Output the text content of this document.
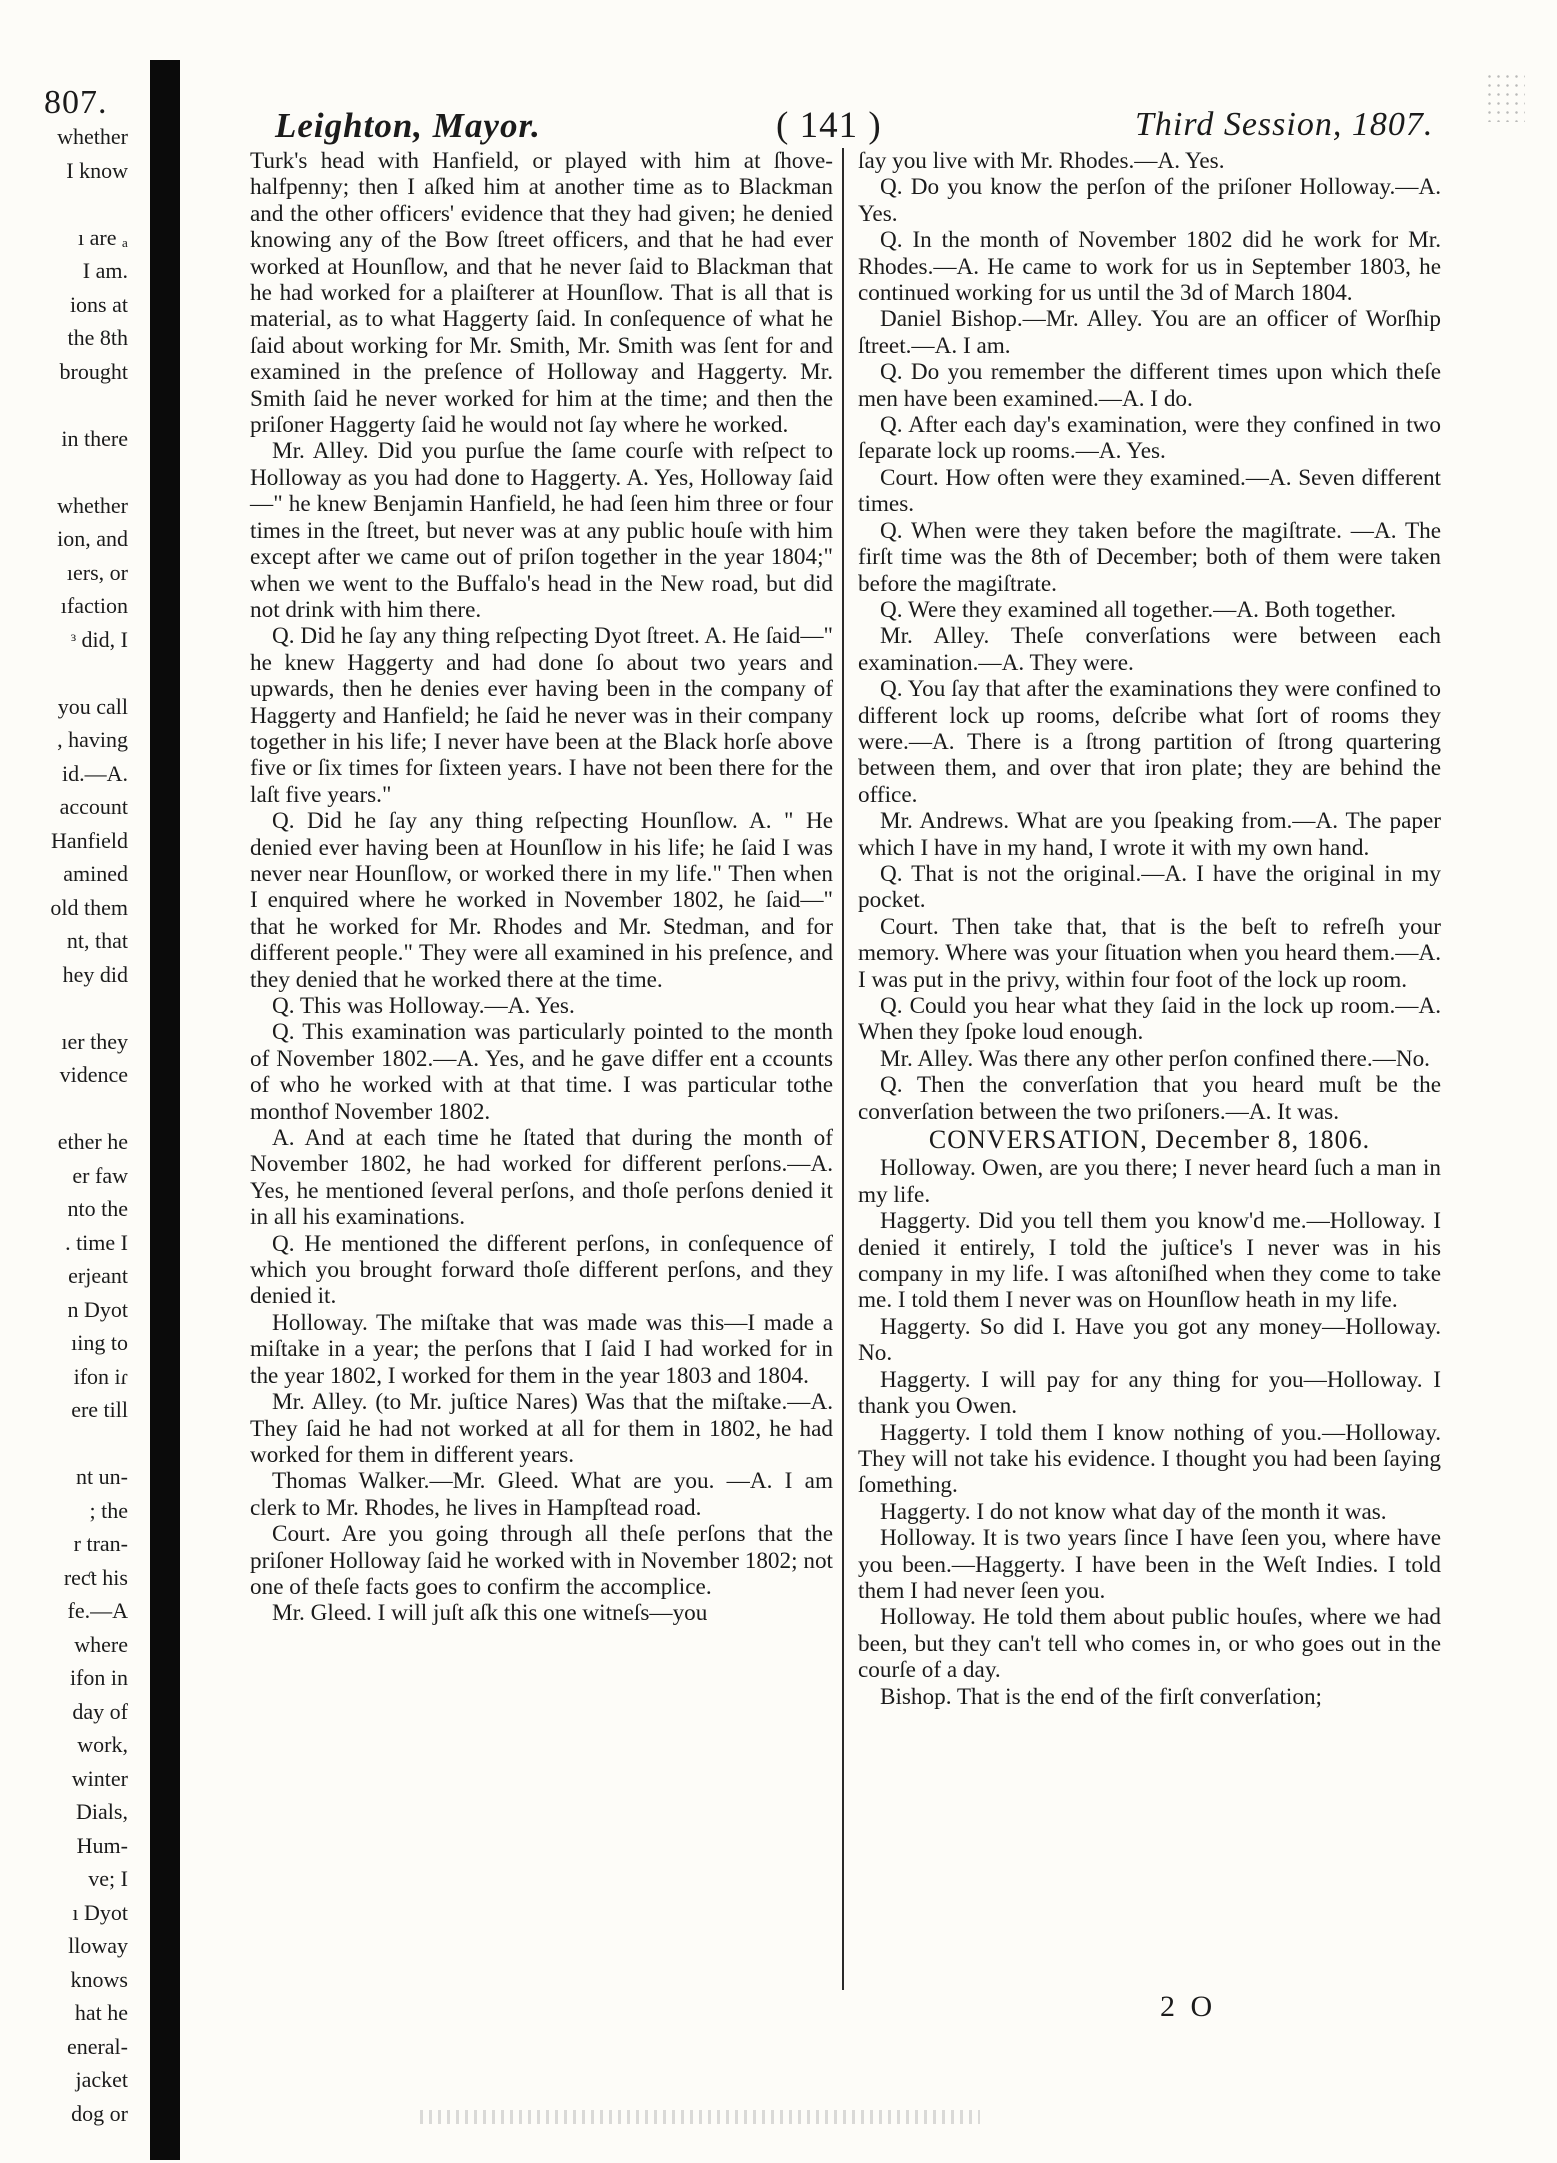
Leighton, Mayor.	( 141 )	Third Session, 1807.
807.
whether
I know
ı are ₐ
I am.
ions at
the 8th
brought
in there
whether
ion, and
ıers, or
ıfaction
ᵌ did, I
you call
, having
id.—A.
account
Hanfield
amined
old them
nt, that
hey did
ıer they
vidence
ether he
er faw
nto the
. time I
erjeant
n Dyot
ıing to
ifon iɾ
ere till
nt un-
; the
r tran-
reƈt his
fe.—A
where
ifon in
day of
work,
winter
Dials,
Hum-
ve; I
ı Dyot
lloway
knows
hat he
eneral-
jacket
dog or

Turk's head with Hanfield, or played with him at ſhove-halfpenny; then I aſked him at another time as to Blackman and the other officers' evidence that they had given; he denied knowing any of the Bow ſtreet officers, and that he had ever worked at Hounſlow, and that he never ſaid to Blackman that he had worked for a plaiſterer at Hounſlow. That is all that is material, as to what Haggerty ſaid. In conſequence of what he ſaid about working for Mr. Smith, Mr. Smith was ſent for and examined in the preſence of Holloway and Haggerty. Mr. Smith ſaid he never worked for him at the time; and then the priſoner Haggerty ſaid he would not ſay where he worked.

Mr. Alley. Did you purſue the ſame courſe with reſpect to Holloway as you had done to Haggerty. A. Yes, Holloway ſaid—" he knew Benjamin Hanfield, he had ſeen him three or four times in the ſtreet, but never was at any public houſe with him except after we came out of priſon together in the year 1804;" when we went to the Buffalo's head in the New road, but did not drink with him there.

Q. Did he ſay any thing reſpecting Dyot ſtreet. A. He ſaid—" he knew Haggerty and had done ſo about two years and upwards, then he denies ever having been in the company of Haggerty and Hanfield; he ſaid he never was in their company together in his life; I never have been at the Black horſe above five or ſix times for ſixteen years. I have not been there for the laſt five years."

Q. Did he ſay any thing reſpecting Hounſlow. A. " He denied ever having been at Hounſlow in his life; he ſaid I was never near Hounſlow, or worked there in my life." Then when I enquired where he worked in November 1802, he ſaid—" that he worked for Mr. Rhodes and Mr. Stedman, and for different people." They were all examined in his preſence, and they denied that he worked there at the time.

Q. This was Holloway.—A. Yes.

Q. This examination was particularly pointed to the month of November 1802.—A. Yes, and he gave differ ent a ccounts of who he worked with at that time. I was particular tothe monthof November 1802.

A. And at each time he ſtated that during the month of November 1802, he had worked for different perſons.—A. Yes, he mentioned ſeveral perſons, and thoſe perſons denied it in all his examinations.

Q. He mentioned the different perſons, in conſequence of which you brought forward thoſe different perſons, and they denied it.

Holloway. The miſtake that was made was this—I made a miſtake in a year; the perſons that I ſaid I had worked for in the year 1802, I worked for them in the year 1803 and 1804.

Mr. Alley. (to Mr. juſtice Nares) Was that the miſtake.—A. They ſaid he had not worked at all for them in 1802, he had worked for them in different years.

Thomas Walker.—Mr. Gleed. What are you. —A. I am clerk to Mr. Rhodes, he lives in Hampſtead road.

Court. Are you going through all theſe perſons that the priſoner Holloway ſaid he worked with in November 1802; not one of theſe facts goes to confirm the accomplice.

Mr. Gleed. I will juſt aſk this one witneſs—you

ſay you live with Mr. Rhodes.—A. Yes.

Q. Do you know the perſon of the priſoner Holloway.—A. Yes.

Q. In the month of November 1802 did he work for Mr. Rhodes.—A. He came to work for us in September 1803, he continued working for us until the 3d of March 1804.

Daniel Bishop.—Mr. Alley. You are an officer of Worſhip ſtreet.—A. I am.

Q. Do you remember the different times upon which theſe men have been examined.—A. I do.

Q. After each day's examination, were they confined in two ſeparate lock up rooms.—A. Yes.

Court. How often were they examined.—A. Seven different times.

Q. When were they taken before the magiſtrate. —A. The firſt time was the 8th of December; both of them were taken before the magiſtrate.

Q. Were they examined all together.—A. Both together.

Mr. Alley. Theſe converſations were between each examination.—A. They were.

Q. You ſay that after the examinations they were confined to different lock up rooms, deſcribe what ſort of rooms they were.—A. There is a ſtrong partition of ſtrong quartering between them, and over that iron plate; they are behind the office.

Mr. Andrews. What are you ſpeaking from.—A. The paper which I have in my hand, I wrote it with my own hand.

Q. That is not the original.—A. I have the original in my pocket.

Court. Then take that, that is the beſt to refreſh your memory. Where was your ſituation when you heard them.—A. I was put in the privy, within four foot of the lock up room.

Q. Could you hear what they ſaid in the lock up room.—A. When they ſpoke loud enough.

Mr. Alley. Was there any other perſon confined there.—No.

Q. Then the converſation that you heard muſt be the converſation between the two priſoners.—A. It was.

CONVERSATION, December 8, 1806.

Holloway. Owen, are you there; I never heard ſuch a man in my life.

Haggerty. Did you tell them you know'd me.—Holloway. I denied it entirely, I told the juſtice's I never was in his company in my life. I was aſtoniſhed when they come to take me. I told them I never was on Hounſlow heath in my life.

Haggerty. So did I. Have you got any money—Holloway. No.

Haggerty. I will pay for any thing for you—Holloway. I thank you Owen.

Haggerty. I told them I know nothing of you.—Holloway. They will not take his evidence. I thought you had been ſaying ſomething.

Haggerty. I do not know what day of the month it was.

Holloway. It is two years ſince I have ſeen you, where have you been.—Haggerty. I have been in the Weſt Indies. I told them I had never ſeen you.

Holloway. He told them about public houſes, where we had been, but they can't tell who comes in, or who goes out in the courſe of a day.

Bishop. That is the end of the firſt converſation;

2 O
